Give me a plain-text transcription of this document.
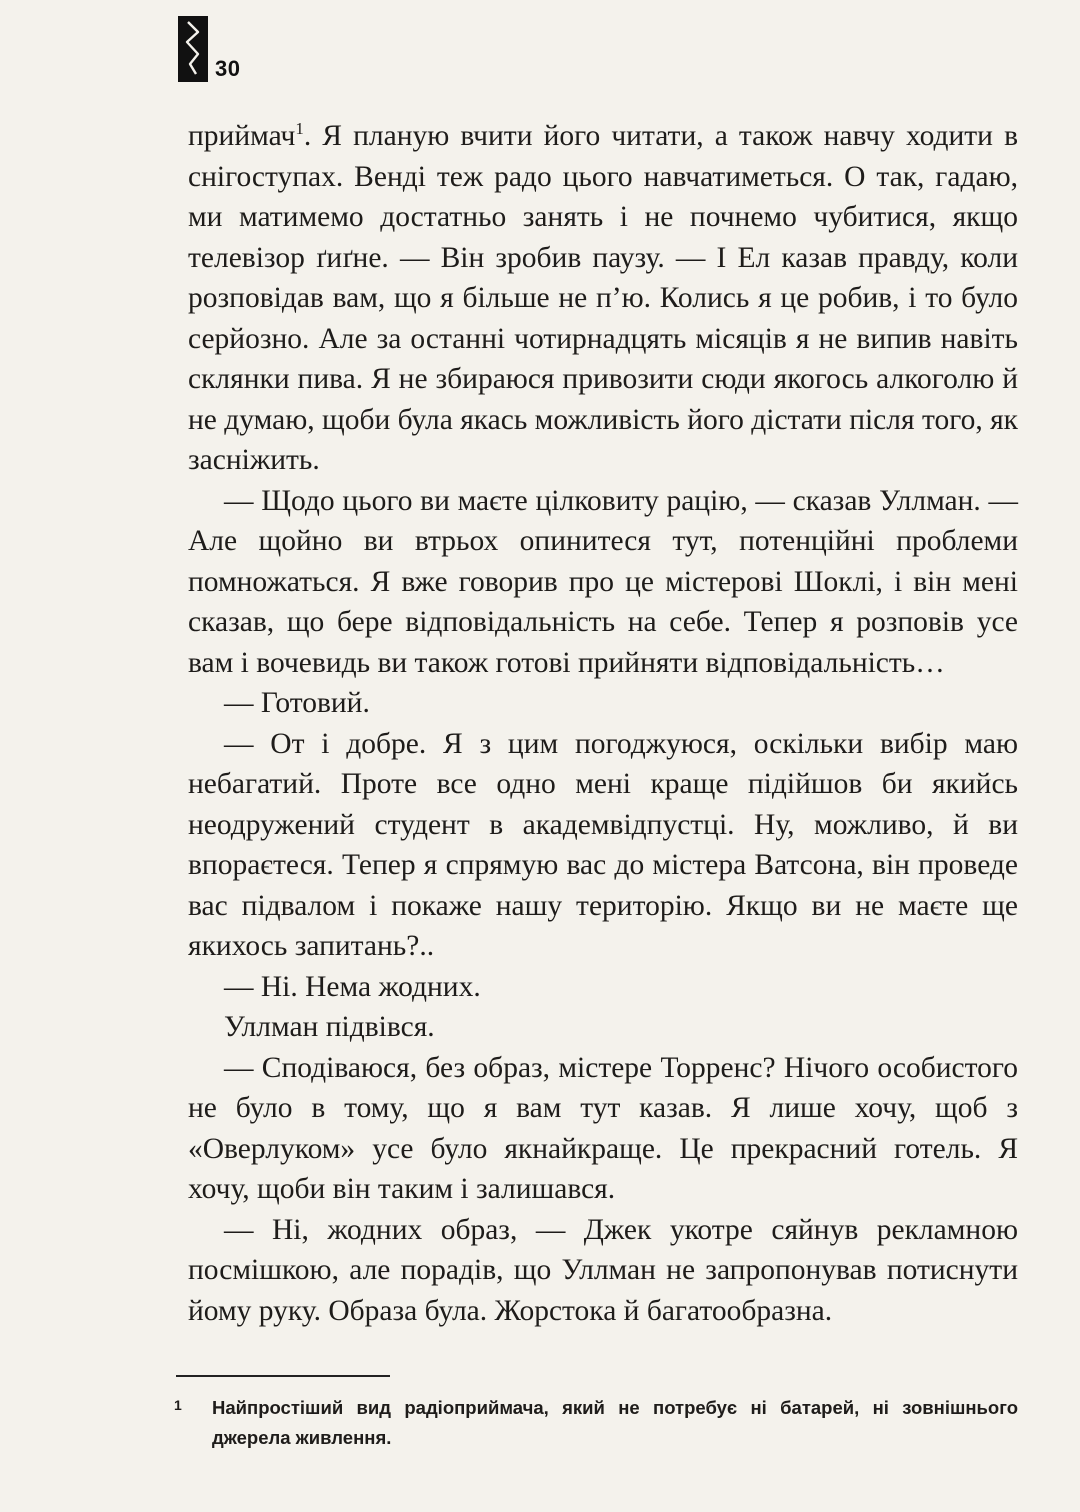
30

приймач$^1$. Я планую вчити його читати, а також навчу ходити в снігоступах. Венді теж радо цього навчатиметься. О так, гадаю, ми матимемо достатньо занять і не почнемо чубитися, якщо телевізор ґиґне. — Він зробив паузу. — І Ел казав правду, коли розповідав вам, що я більше не п’ю. Колись я це робив, і то було серйозно. Але за останні чотирнадцять місяців я не випив навіть склянки пива. Я не збираюся привозити сюди якогось алкоголю й не думаю, щоби була якась можливість його дістати після того, як засніжить.

— Щодо цього ви маєте цілковиту рацію, — сказав Уллман. — Але щойно ви втрьох опинитеся тут, потенційні проблеми помножаться. Я вже говорив про це містерові Шоклі, і він мені сказав, що бере відповідальність на себе. Тепер я розповів усе вам і вочевидь ви також готові прийняти відповідальність…

— Готовий.

— От і добре. Я з цим погоджуюся, оскільки вибір маю небагатий. Проте все одно мені краще підійшов би якийсь неодружений студент в академвідпустці. Ну, можливо, й ви впораєтеся. Тепер я спрямую вас до містера Ватсона, він проведе вас підвалом і покаже нашу територію. Якщо ви не маєте ще якихось запитань?..

— Ні. Нема жодних.

Уллман підвівся.

— Сподіваюся, без образ, містере Торренс? Нічого особистого не було в тому, що я вам тут казав. Я лише хочу, щоб з «Оверлуком» усе було якнайкраще. Це прекрасний готель. Я хочу, щоби він таким і залишався.

— Ні, жодних образ, — Джек укотре сяйнув рекламною посмішкою, але порадів, що Уллман не запропонував потиснути йому руку. Образа була. Жорстока й багатообразна.

1	Найпростіший вид радіоприймача, який не потребує ні батарей, ні зовнішнього джерела живлення.
